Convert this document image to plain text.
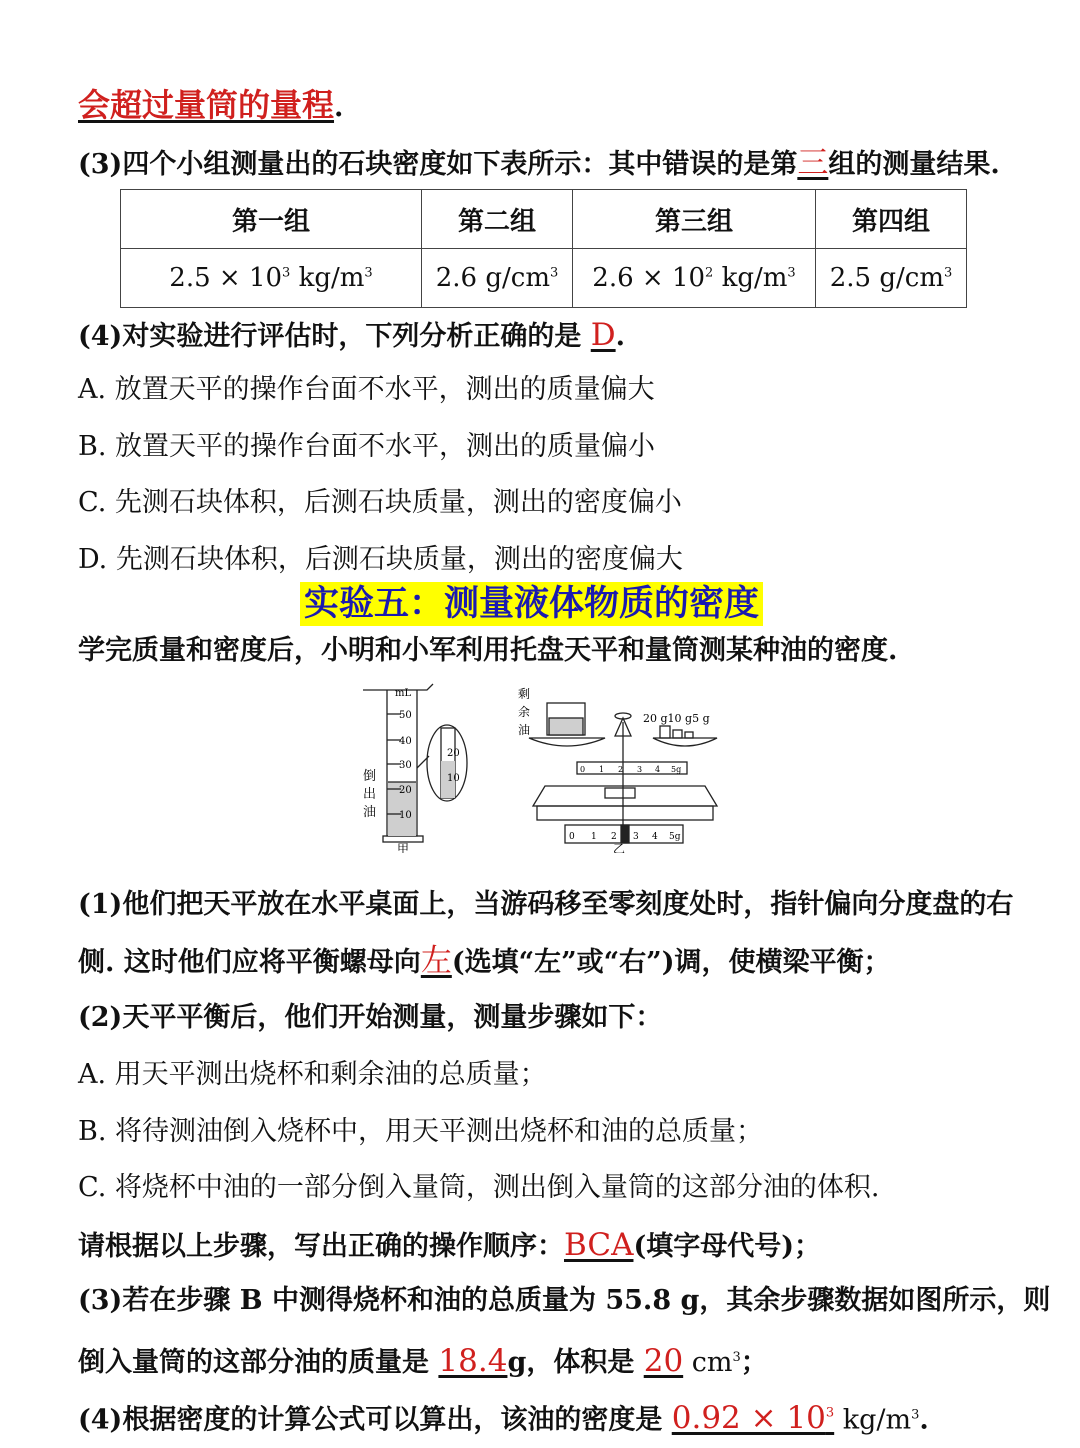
会超过量筒的量程.
(3)四个小组测量出的石块密度如下表所示：其中错误的是第三组的测量结果.
第一组	第二组	第三组	第四组
$2.5 \times 10^3$ $kg/m^3$	2.6 $g/cm^3$	$2.6 \times 10^2$ $kg/m^3$	2.5 $g/cm^3$
(4)对实验进行评估时，下列分析正确的是 D.
A. 放置天平的操作台面不水平，测出的质量偏大
B. 放置天平的操作台面不水平，测出的质量偏小
C. 先测石块体积，后测石块质量，测出的密度偏小
D. 先测石块体积，后测石块质量，测出的密度偏大
实验五：测量液体物质的密度
学完质量和密度后，小明和小军利用托盘天平和量筒测某种油的密度.
mL
50
40
30
20
10
20
10
倒
出
油
甲
剩
余
油
20 g10 g5 g
0 1 2 3 4 5g
0 1 2 3 4 5g
乙
(1)他们把天平放在水平桌面上，当游码移至零刻度处时，指针偏向分度盘的右
侧. 这时他们应将平衡螺母向左(选填“左”或“右”)调，使横梁平衡；
(2)天平平衡后，他们开始测量，测量步骤如下：
A. 用天平测出烧杯和剩余油的总质量；
B. 将待测油倒入烧杯中，用天平测出烧杯和油的总质量；
C. 将烧杯中油的一部分倒入量筒，测出倒入量筒的这部分油的体积.
请根据以上步骤，写出正确的操作顺序：BCA(填字母代号)；
(3)若在步骤 B 中测得烧杯和油的总质量为 55.8 g，其余步骤数据如图所示，则
倒入量筒的这部分油的质量是 18.4g，体积是 20 $cm^3$；
(4)根据密度的计算公式可以算出，该油的密度是 $0.92 \times 10^3$ $kg/m^3$.
